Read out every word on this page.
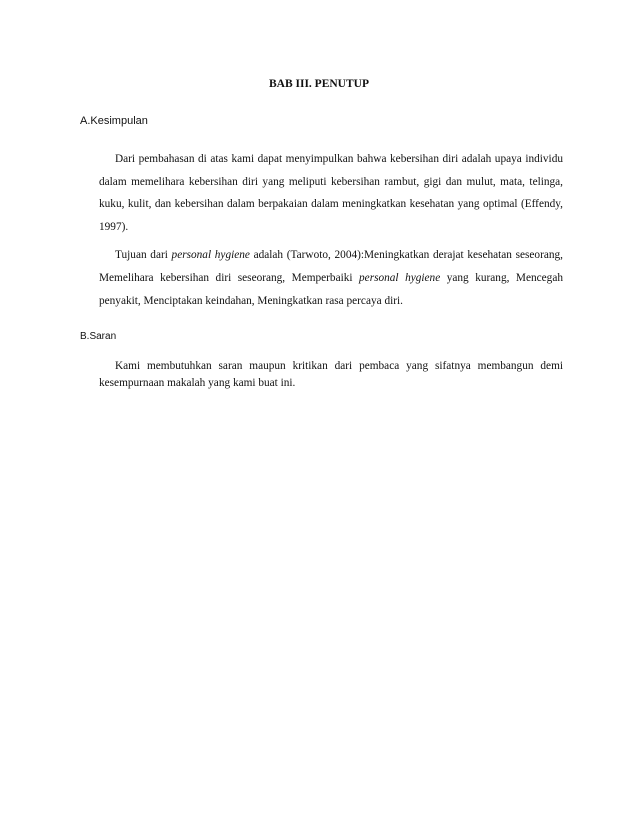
BAB III. PENUTUP
A.Kesimpulan

Dari pembahasan di atas kami dapat menyimpulkan bahwa kebersihan diri adalah upaya individu dalam memelihara kebersihan diri yang meliputi kebersihan rambut, gigi dan mulut, mata, telinga, kuku, kulit, dan kebersihan dalam berpakaian dalam meningkatkan kesehatan yang optimal (Effendy, 1997).

Tujuan dari personal hygiene adalah (Tarwoto, 2004):Meningkatkan derajat kesehatan seseorang, Memelihara kebersihan diri seseorang, Memperbaiki personal hygiene yang kurang, Mencegah penyakit, Menciptakan keindahan, Meningkatkan rasa percaya diri.

B.Saran

Kami membutuhkan saran maupun kritikan dari pembaca yang sifatnya membangun demi kesempurnaan makalah yang kami buat ini.
